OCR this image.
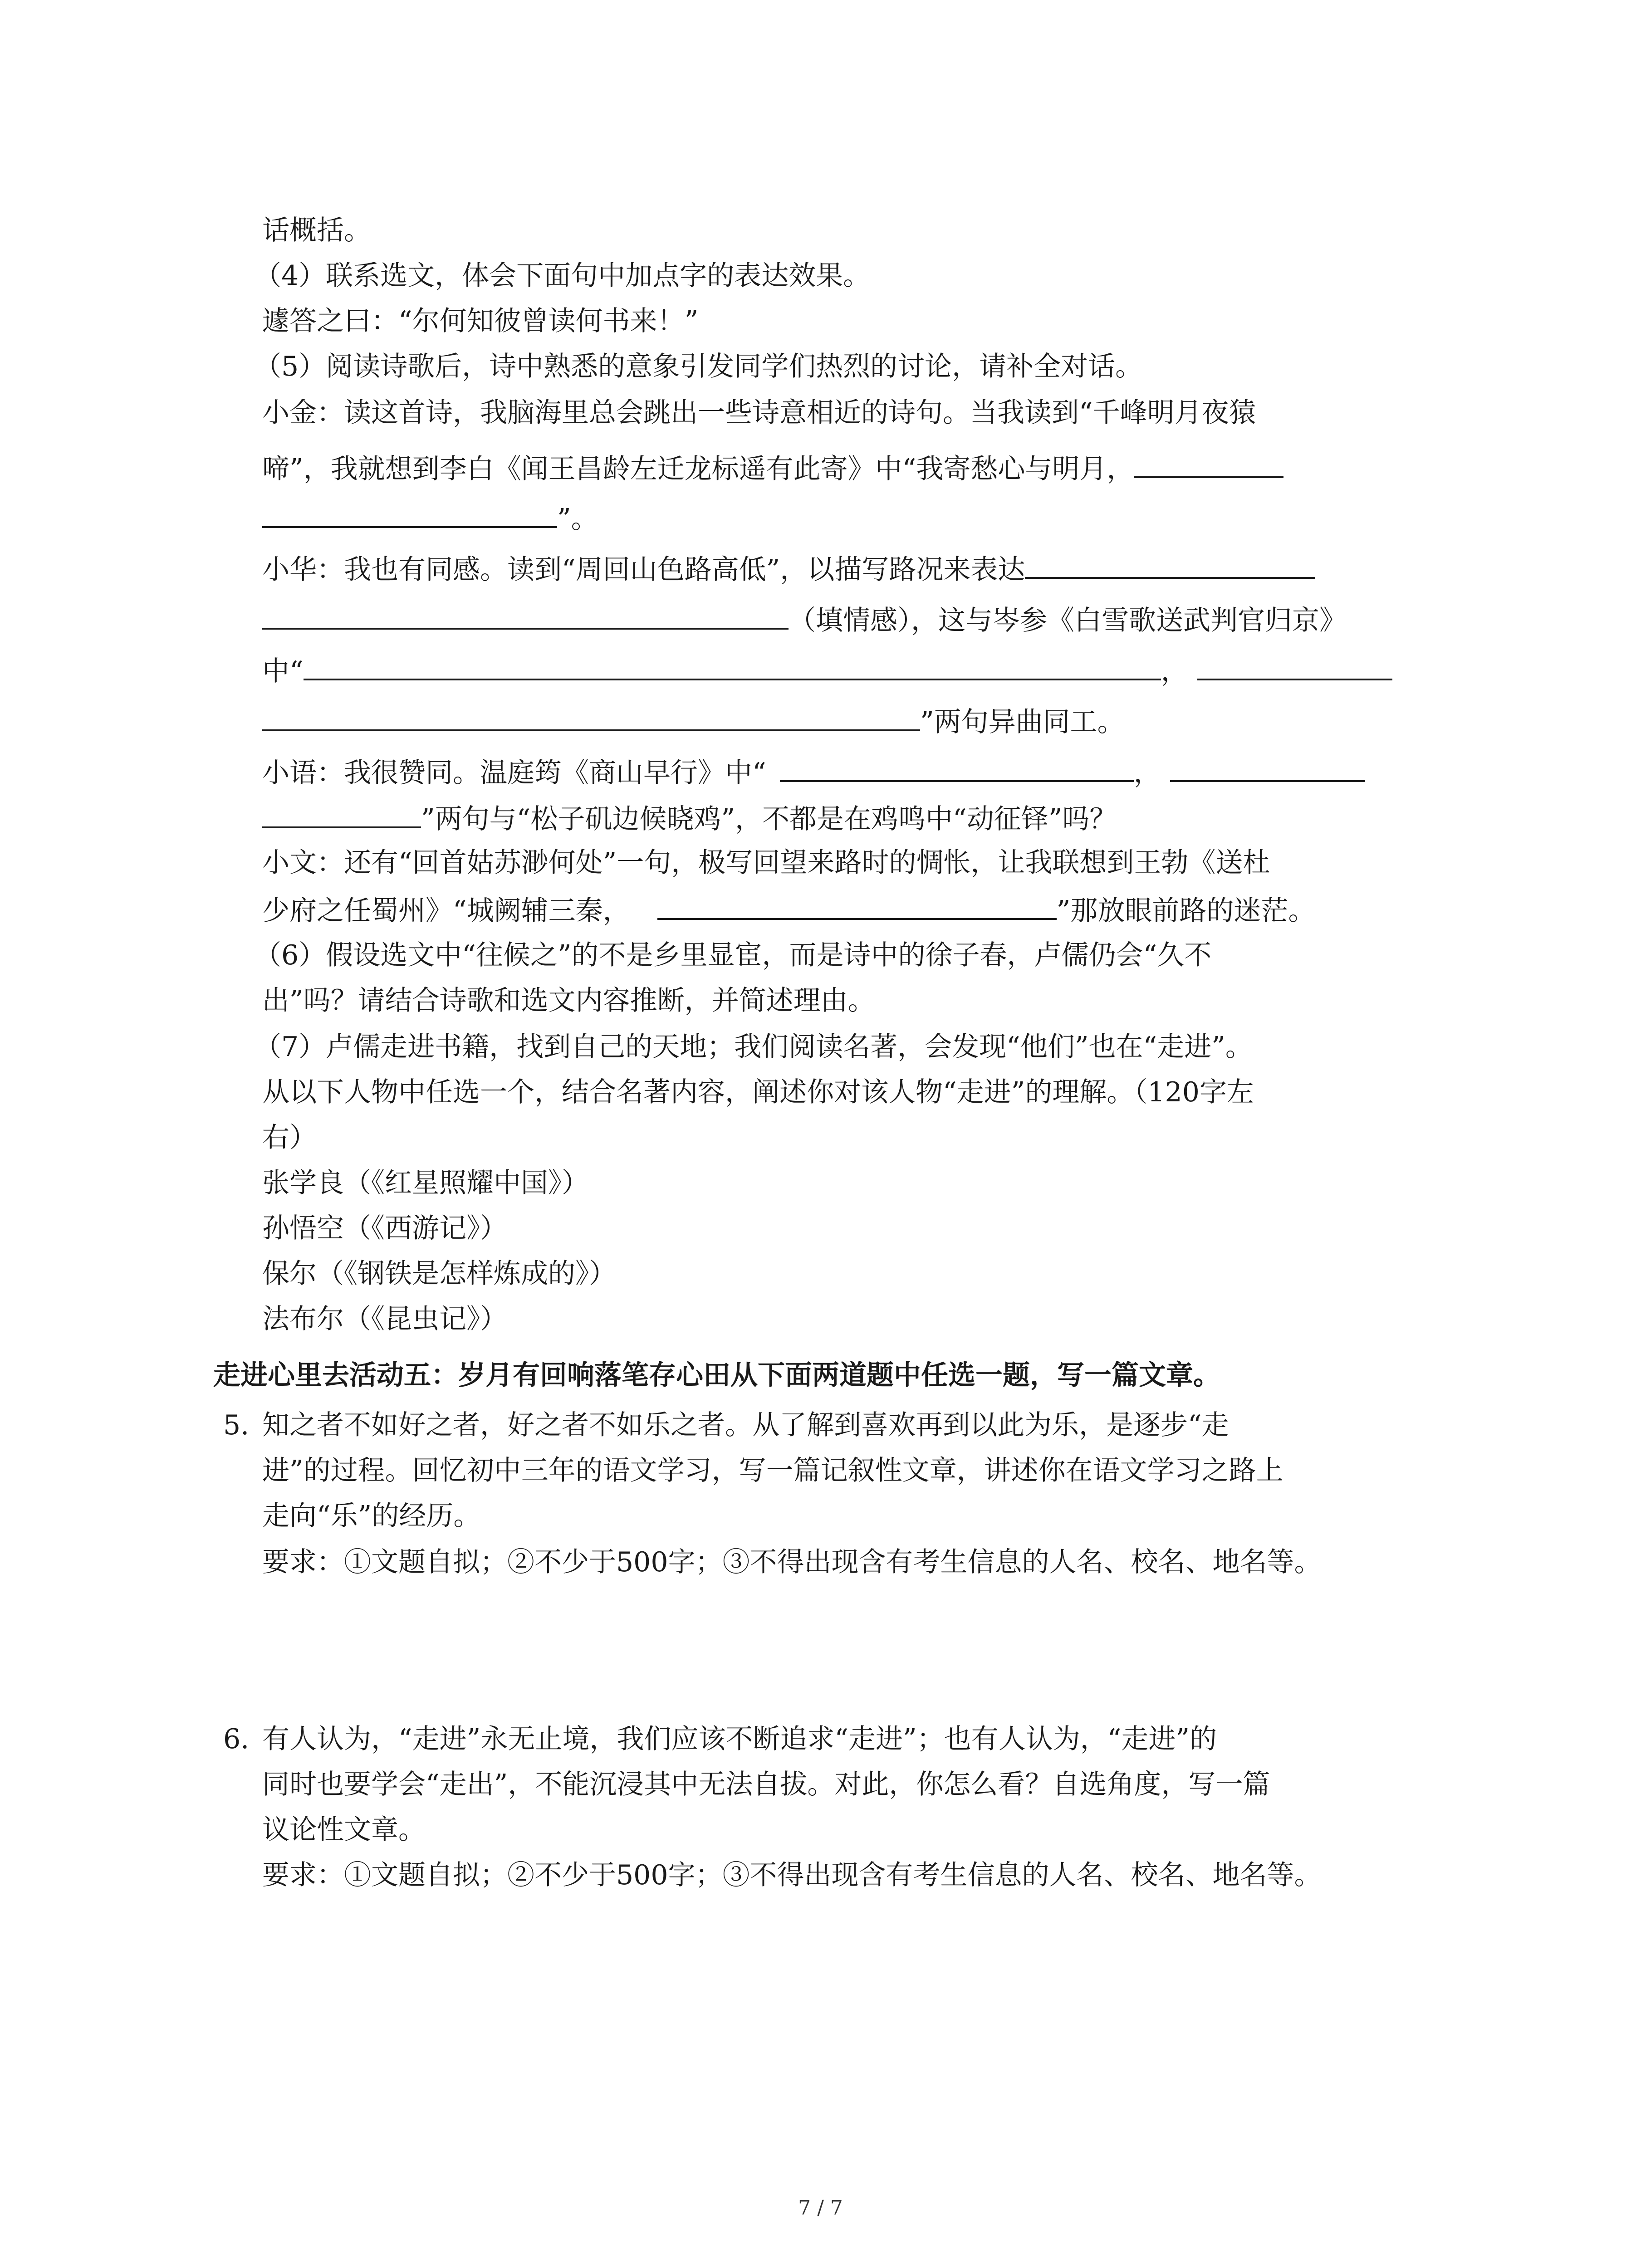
话概括。
（4）联系选文，体会下面句中加点字的表达效果。
遽答之曰：“尔何知彼曾读何书来！”
（5）阅读诗歌后，诗中熟悉的意象引发同学们热烈的讨论，请补全对话。
小金：读这首诗，我脑海里总会跳出一些诗意相近的诗句。当我读到“千峰明月夜猿
啼”，我就想到李白《闻王昌龄左迁龙标遥有此寄》中“我寄愁心与明月，
”。
小华：我也有同感。读到“周回山色路高低”，以描写路况来表达
（填情感），这与岑参《白雪歌送武判官归京》
中“	，
”两句异曲同工。
小语：我很赞同。温庭筠《商山早行》中“	，
”两句与“松子矶边候晓鸡”，不都是在鸡鸣中“动征铎”吗？
小文：还有“回首姑苏渺何处”一句，极写回望来路时的惆怅，让我联想到王勃《送杜
少府之任蜀州》“城阙辅三秦，	”那放眼前路的迷茫。
（6）假设选文中“往候之”的不是乡里显宦，而是诗中的徐子春，卢儒仍会“久不
出”吗？请结合诗歌和选文内容推断，并简述理由。
（7）卢儒走进书籍，找到自己的天地；我们阅读名著，会发现“他们”也在“走进”。
从以下人物中任选一个，结合名著内容，阐述你对该人物“走进”的理解。（120字左
右）
张学良（《红星照耀中国》）
孙悟空（《西游记》）
保尔（《钢铁是怎样炼成的》）
法布尔（《昆虫记》）
走进心里去活动五：岁月有回响落笔存心田从下面两道题中任选一题，写一篇文章。
5. 知之者不如好之者，好之者不如乐之者。从了解到喜欢再到以此为乐，是逐步“走
进”的过程。回忆初中三年的语文学习，写一篇记叙性文章，讲述你在语文学习之路上
走向“乐”的经历。
要求：①文题自拟；②不少于500字；③不得出现含有考生信息的人名、校名、地名等。
6. 有人认为，“走进”永无止境，我们应该不断追求“走进”；也有人认为，“走进”的
同时也要学会“走出”，不能沉浸其中无法自拔。对此，你怎么看？自选角度，写一篇
议论性文章。
要求：①文题自拟；②不少于500字；③不得出现含有考生信息的人名、校名、地名等。
7 / 7
